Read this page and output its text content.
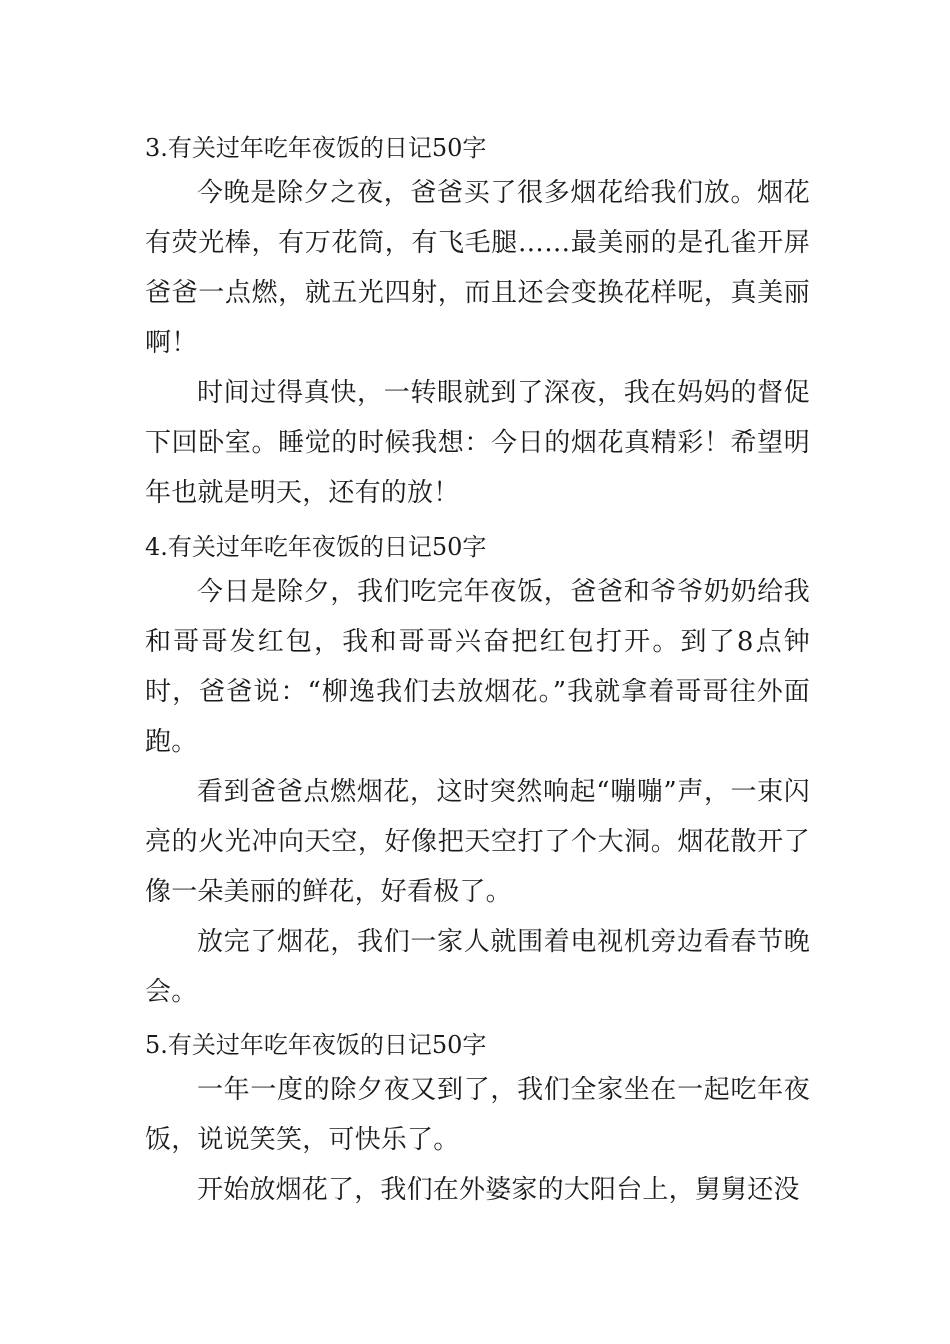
3.有关过年吃年夜饭的日记50字

今晚是除夕之夜，爸爸买了很多烟花给我们放。烟花有荧光棒，有万花筒，有飞毛腿……最美丽的是孔雀开屏爸爸一点燃，就五光四射，而且还会变换花样呢，真美丽啊！

时间过得真快，一转眼就到了深夜，我在妈妈的督促下回卧室。睡觉的时候我想：今日的烟花真精彩！希望明年也就是明天，还有的放！

4.有关过年吃年夜饭的日记50字

今日是除夕，我们吃完年夜饭，爸爸和爷爷奶奶给我和哥哥发红包，我和哥哥兴奋把红包打开。到了8点钟时，爸爸说：“柳逸我们去放烟花。”我就拿着哥哥往外面跑。

看到爸爸点燃烟花，这时突然响起“嘣嘣”声，一束闪亮的火光冲向天空，好像把天空打了个大洞。烟花散开了像一朵美丽的鲜花，好看极了。

放完了烟花，我们一家人就围着电视机旁边看春节晚会。

5.有关过年吃年夜饭的日记50字

一年一度的除夕夜又到了，我们全家坐在一起吃年夜饭，说说笑笑，可快乐了。

开始放烟花了，我们在外婆家的大阳台上，舅舅还没
